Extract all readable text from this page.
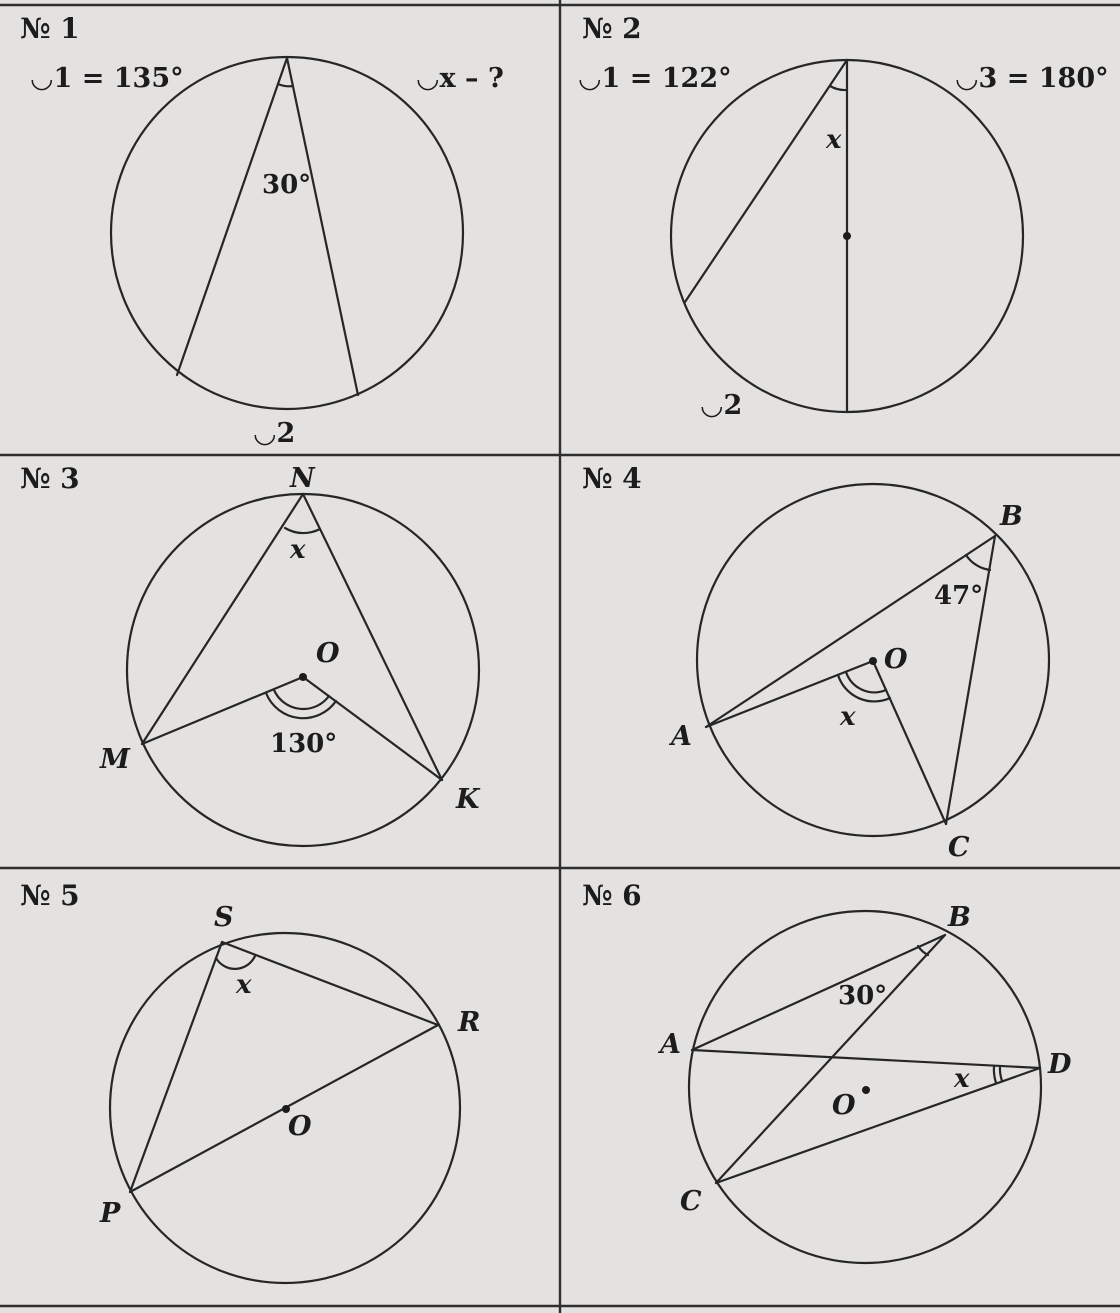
№ 1
◡1 = 135°	◡x – ?
◡2
30°
№ 2
◡1 = 122°	◡3 = 180°
◡2
x
№ 3	N
M
K
O
x
130°
№ 4
B
A
C
O
47°
x
№ 5
S
R
P
O
x
№ 6
B
A
D
C
O
30°
x
